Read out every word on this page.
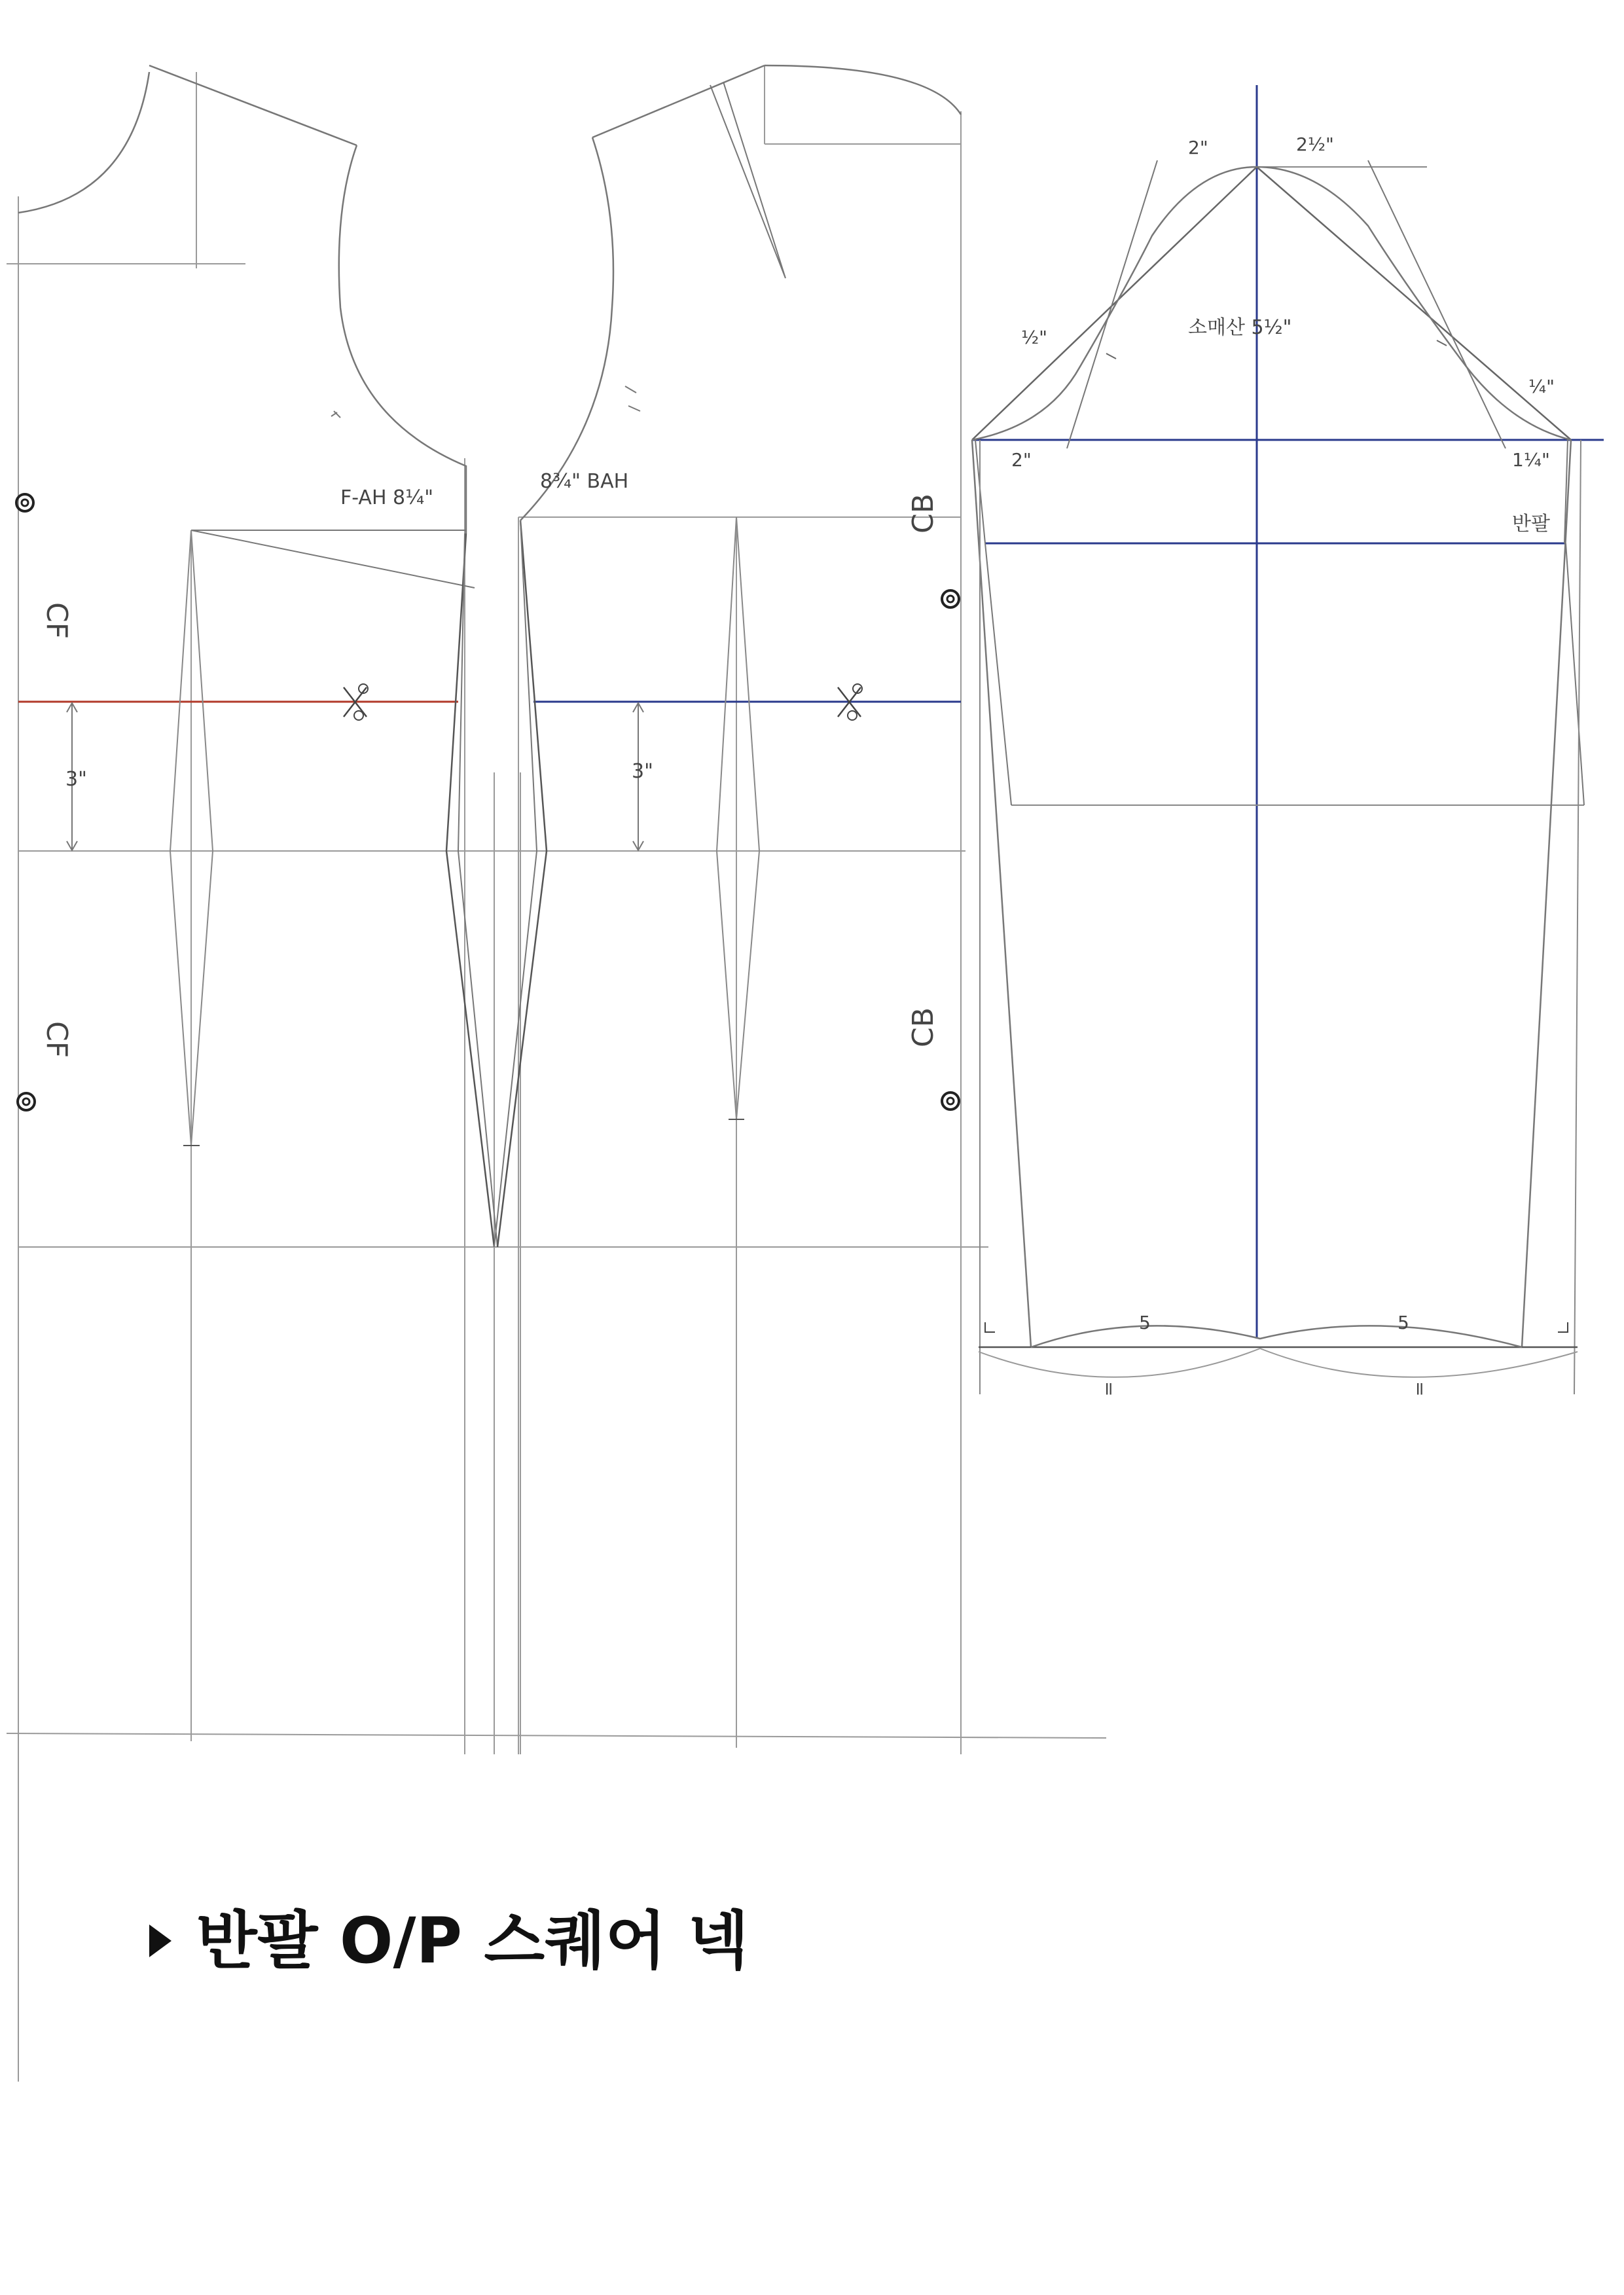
CF
CF
CB
CB
F-AH 8¼"
8¾" BAH
3"	3"
소매산 5½"
2"	2½"
½"
¼"
2"	1¼"
반팔
5	5
=	=
반팔 O/P 스퀘어 넥
